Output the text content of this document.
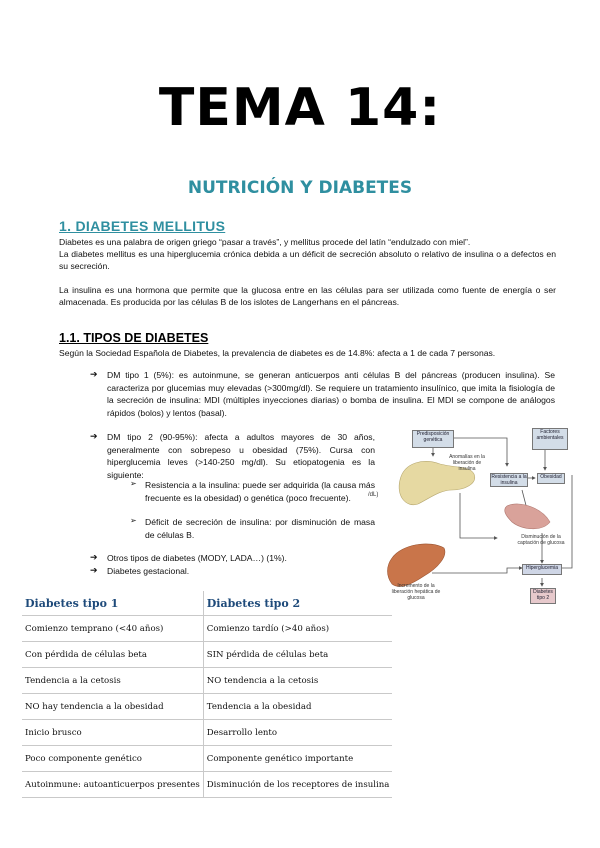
TEMA 14:
NUTRICIÓN Y DIABETES
1. DIABETES MELLITUS
Diabetes es una palabra de origen griego “pasar a través”, y mellitus procede del latín “endulzado con miel”.
La diabetes mellitus es una hiperglucemia crónica debida a un déficit de secreción absoluto o relativo de insulina o a defectos en su secreción.
La insulina es una hormona que permite que la glucosa entre en las células para ser utilizada como fuente de energía o ser almacenada. Es producida por las células B de los islotes de Langerhans en el páncreas.
1.1. TIPOS DE DIABETES
Según la Sociedad Española de Diabetes, la prevalencia de diabetes es de 14.8%: afecta a 1 de cada 7 personas.
➔ DM tipo 1 (5%): es autoinmune, se generan anticuerpos anti células B del páncreas (producen insulina). Se caracteriza por glucemias muy elevadas (>300mg/dl). Se requiere un tratamiento insulínico, que imita la fisiología de la secreción de insulina: MDI (múltiples inyecciones diarias) o bomba de insulina. El MDI se compone de análogos rápidos (bolos) y lentos (basal).
➔ DM tipo 2 (90-95%): afecta a adultos mayores de 30 años, generalmente con sobrepeso u obesidad (75%). Cursa con hiperglucemia leves (>140-250 mg/dl). Su etiopatogenia es la siguiente:
➢ Resistencia a la insulina: puede ser adquirida (la causa más frecuente es la obesidad) o genética (poco frecuente).
➢ Déficit de secreción de insulina: por disminución de masa de células B.
➔ Otros tipos de diabetes (MODY, LADA…) (1%).
➔ Diabetes gestacional.
Predisposición genética
Factores ambientales
Anomalías en la liberación de insulina
Resistencia a la insulina
Obesidad
/dL)
Disminución de la captación de glucosa
Hiperglucemia
Diabetes tipo 2
Incremento de la liberación hepática de glucosa
Diabetes tipo 1	Diabetes tipo 2
Comienzo temprano (<40 años)	Comienzo tardío (>40 años)
Con pérdida de células beta	SIN pérdida de células beta
Tendencia a la cetosis	NO tendencia a la cetosis
NO hay tendencia a la obesidad	Tendencia a la obesidad
Inicio brusco	Desarrollo lento
Poco componente genético	Componente genético importante
Autoinmune: autoanticuerpos presentes	Disminución de los receptores de insulina
